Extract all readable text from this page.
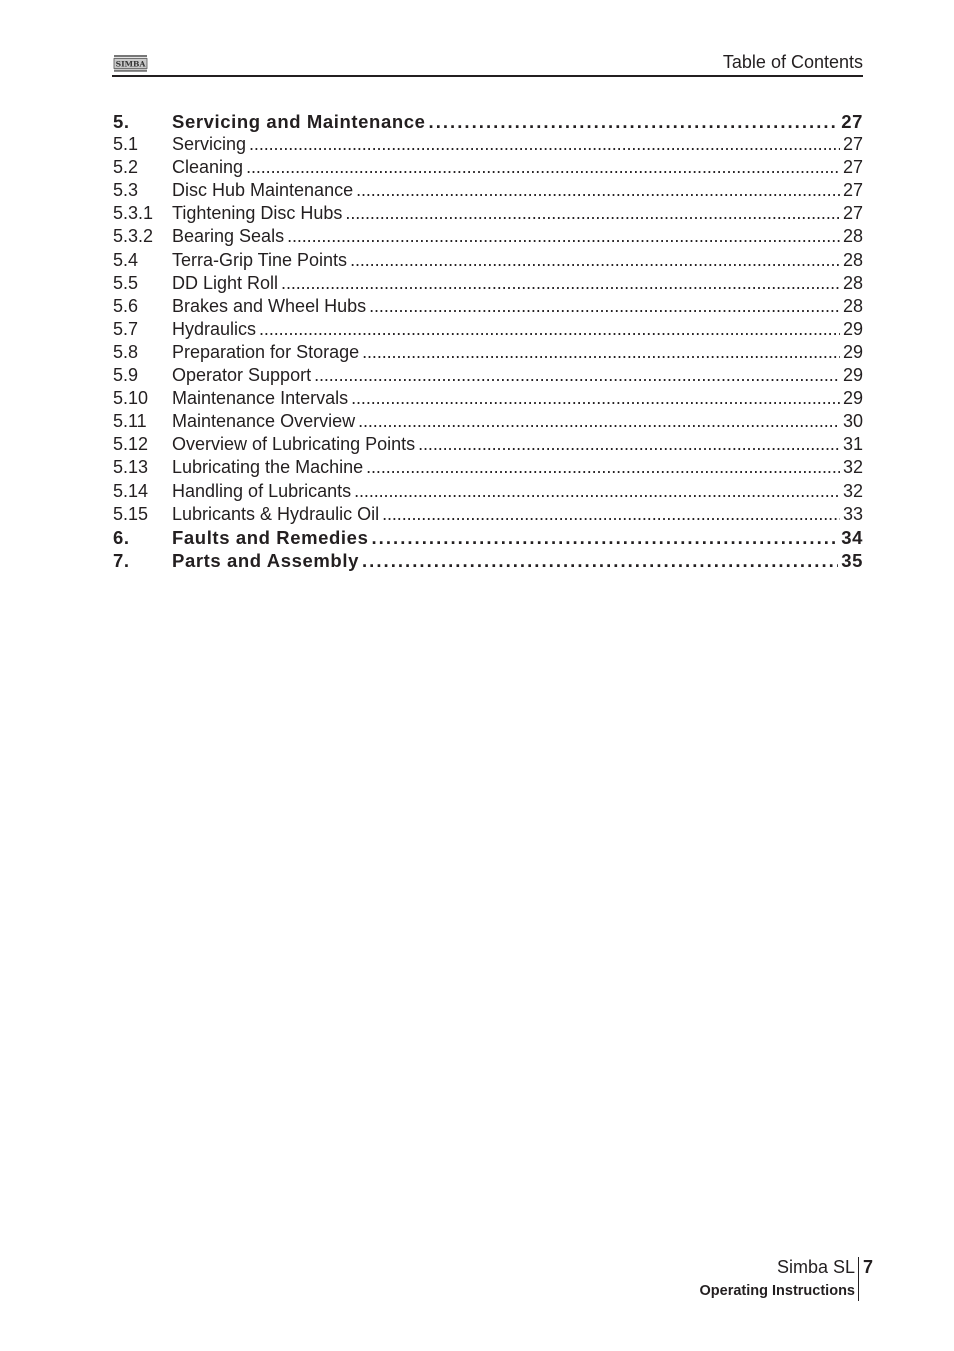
SIMBA	Table of Contents
5.	Servicing and Maintenance . . .	27
5.1	Servicing . . .	27
5.2	Cleaning . . .	27
5.3	Disc Hub Maintenance . . .	27
5.3.1	Tightening Disc Hubs . . .	27
5.3.2	Bearing Seals . . .	28
5.4	Terra-Grip Tine Points . . .	28
5.5	DD Light Roll . . .	28
5.6	Brakes and Wheel Hubs . . .	28
5.7	Hydraulics . . .	29
5.8	Preparation for Storage . . .	29
5.9	Operator Support . . .	29
5.10	Maintenance Intervals . . .	29
5.11	Maintenance Overview . . .	30
5.12	Overview of Lubricating Points . . .	31
5.13	Lubricating the Machine . . .	32
5.14	Handling of Lubricants . . .	32
5.15	Lubricants & Hydraulic Oil . . .	33
6.	Faults and Remedies . . .	34
7.	Parts and Assembly . . .	35
Simba SL
Operating Instructions
7
